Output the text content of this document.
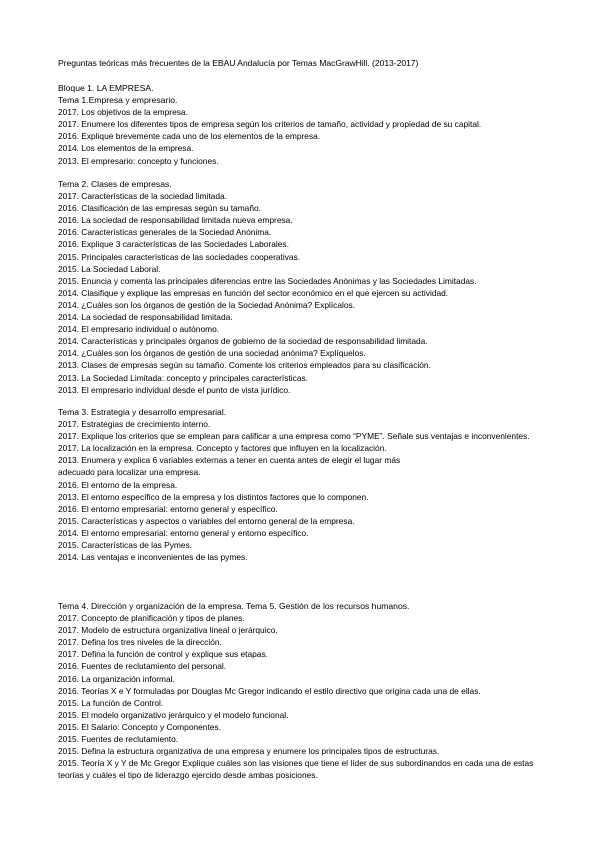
Preguntas teóricas más frecuentes de la EBAU Andalucía por Temas MacGrawHill. (2013-2017)
Bloque 1. LA EMPRESA.
Tema 1.Empresa y empresario.
2017. Los objetivos de la empresa.
2017. Enumere los diferentes tipos de empresa según los criterios de tamaño, actividad y propiedad de su capital.
2016. Explique brevemente cada uno de los elementos de la empresa.
2014. Los elementos de la empresa.
2013. El empresario: concepto y funciones.
Tema 2. Clases de empresas.
2017. Características de la sociedad limitada.
2016. Clasificación de las empresas según su tamaño.
2016. La sociedad de responsabilidad limitada nueva empresa.
2016. Características generales de la Sociedad Anónima.
2016. Explique 3 características de las Sociedades Laborales.
2015. Principales características de las sociedades cooperativas.
2015. La Sociedad Laboral.
2015. Enuncia y comenta las principales diferencias entre las Sociedades Anónimas y las Sociedades Limitadas.
2014. Clasifique y explique las empresas en función del sector económico en el que ejercen su actividad.
2014. ¿Cuáles son los órganos de gestión de la Sociedad Anónima? Explícalos.
2014. La sociedad de responsabilidad limitada.
2014. El empresario individual o autónomo.
2014. Características y principales órganos de gobierno de la sociedad de responsabilidad limitada.
2014. ¿Cuáles son los órganos de gestión de una sociedad anónima? Explíquelos.
2013. Clases de empresas según su tamaño. Comente los criterios empleados para su clasificación.
2013. La Sociedad Limitada: concepto y principales características.
2013. El empresario individual desde el punto de vista jurídico.
Tema 3. Estrategia y desarrollo empresarial.
2017. Estrategias de crecimiento interno.
2017. Explique los criterios que se emplean para calificar a una empresa como “PYME”. Señale sus ventajas e inconvenientes.
2017. La localización en la empresa. Concepto y factores que influyen en la localización.
2013. Enumera y explica 6 variables externas a tener en cuenta antes de elegir el lugar más
adecuado para localizar una empresa.
2016. El entorno de la empresa.
2013. El entorno específico de la empresa y los distintos factores que lo componen.
2016. El entorno empresarial: entorno general y específico.
2015. Características y aspectos o variables del entorno general de la empresa.
2014. El entorno empresarial: entorno general y entorno específico.
2015. Características de las Pymes.
2014. Las ventajas e inconvenientes de las pymes.
Tema 4. Dirección y organización de la empresa. Tema 5. Gestión de los recursos humanos.
2017. Concepto de planificación y tipos de planes.
2017. Modelo de estructura organizativa lineal o jerárquico.
2017. Defina los tres niveles de la dirección.
2017. Defina la función de control y explique sus etapas.
2016. Fuentes de reclutamiento del personal.
2016. La organización informal.
2016. Teorías X e Y formuladas por Douglas Mc Gregor indicando el estilo directivo que origina cada una de ellas.
2015. La función de Control.
2015. El modelo organizativo jerárquico y el modelo funcional.
2015. El Salario: Concepto y Componentes.
2015. Fuentes de reclutamiento.
2015. Defina la estructura organizativa de una empresa y enumere los principales tipos de estructuras.
2015. Teoría X y Y de Mc Gregor Explique cuáles son las visiones que tiene el líder de sus subordinandos en cada una de estas teorías y cuáles el tipo de liderazgo ejercido desde ambas posiciones.
